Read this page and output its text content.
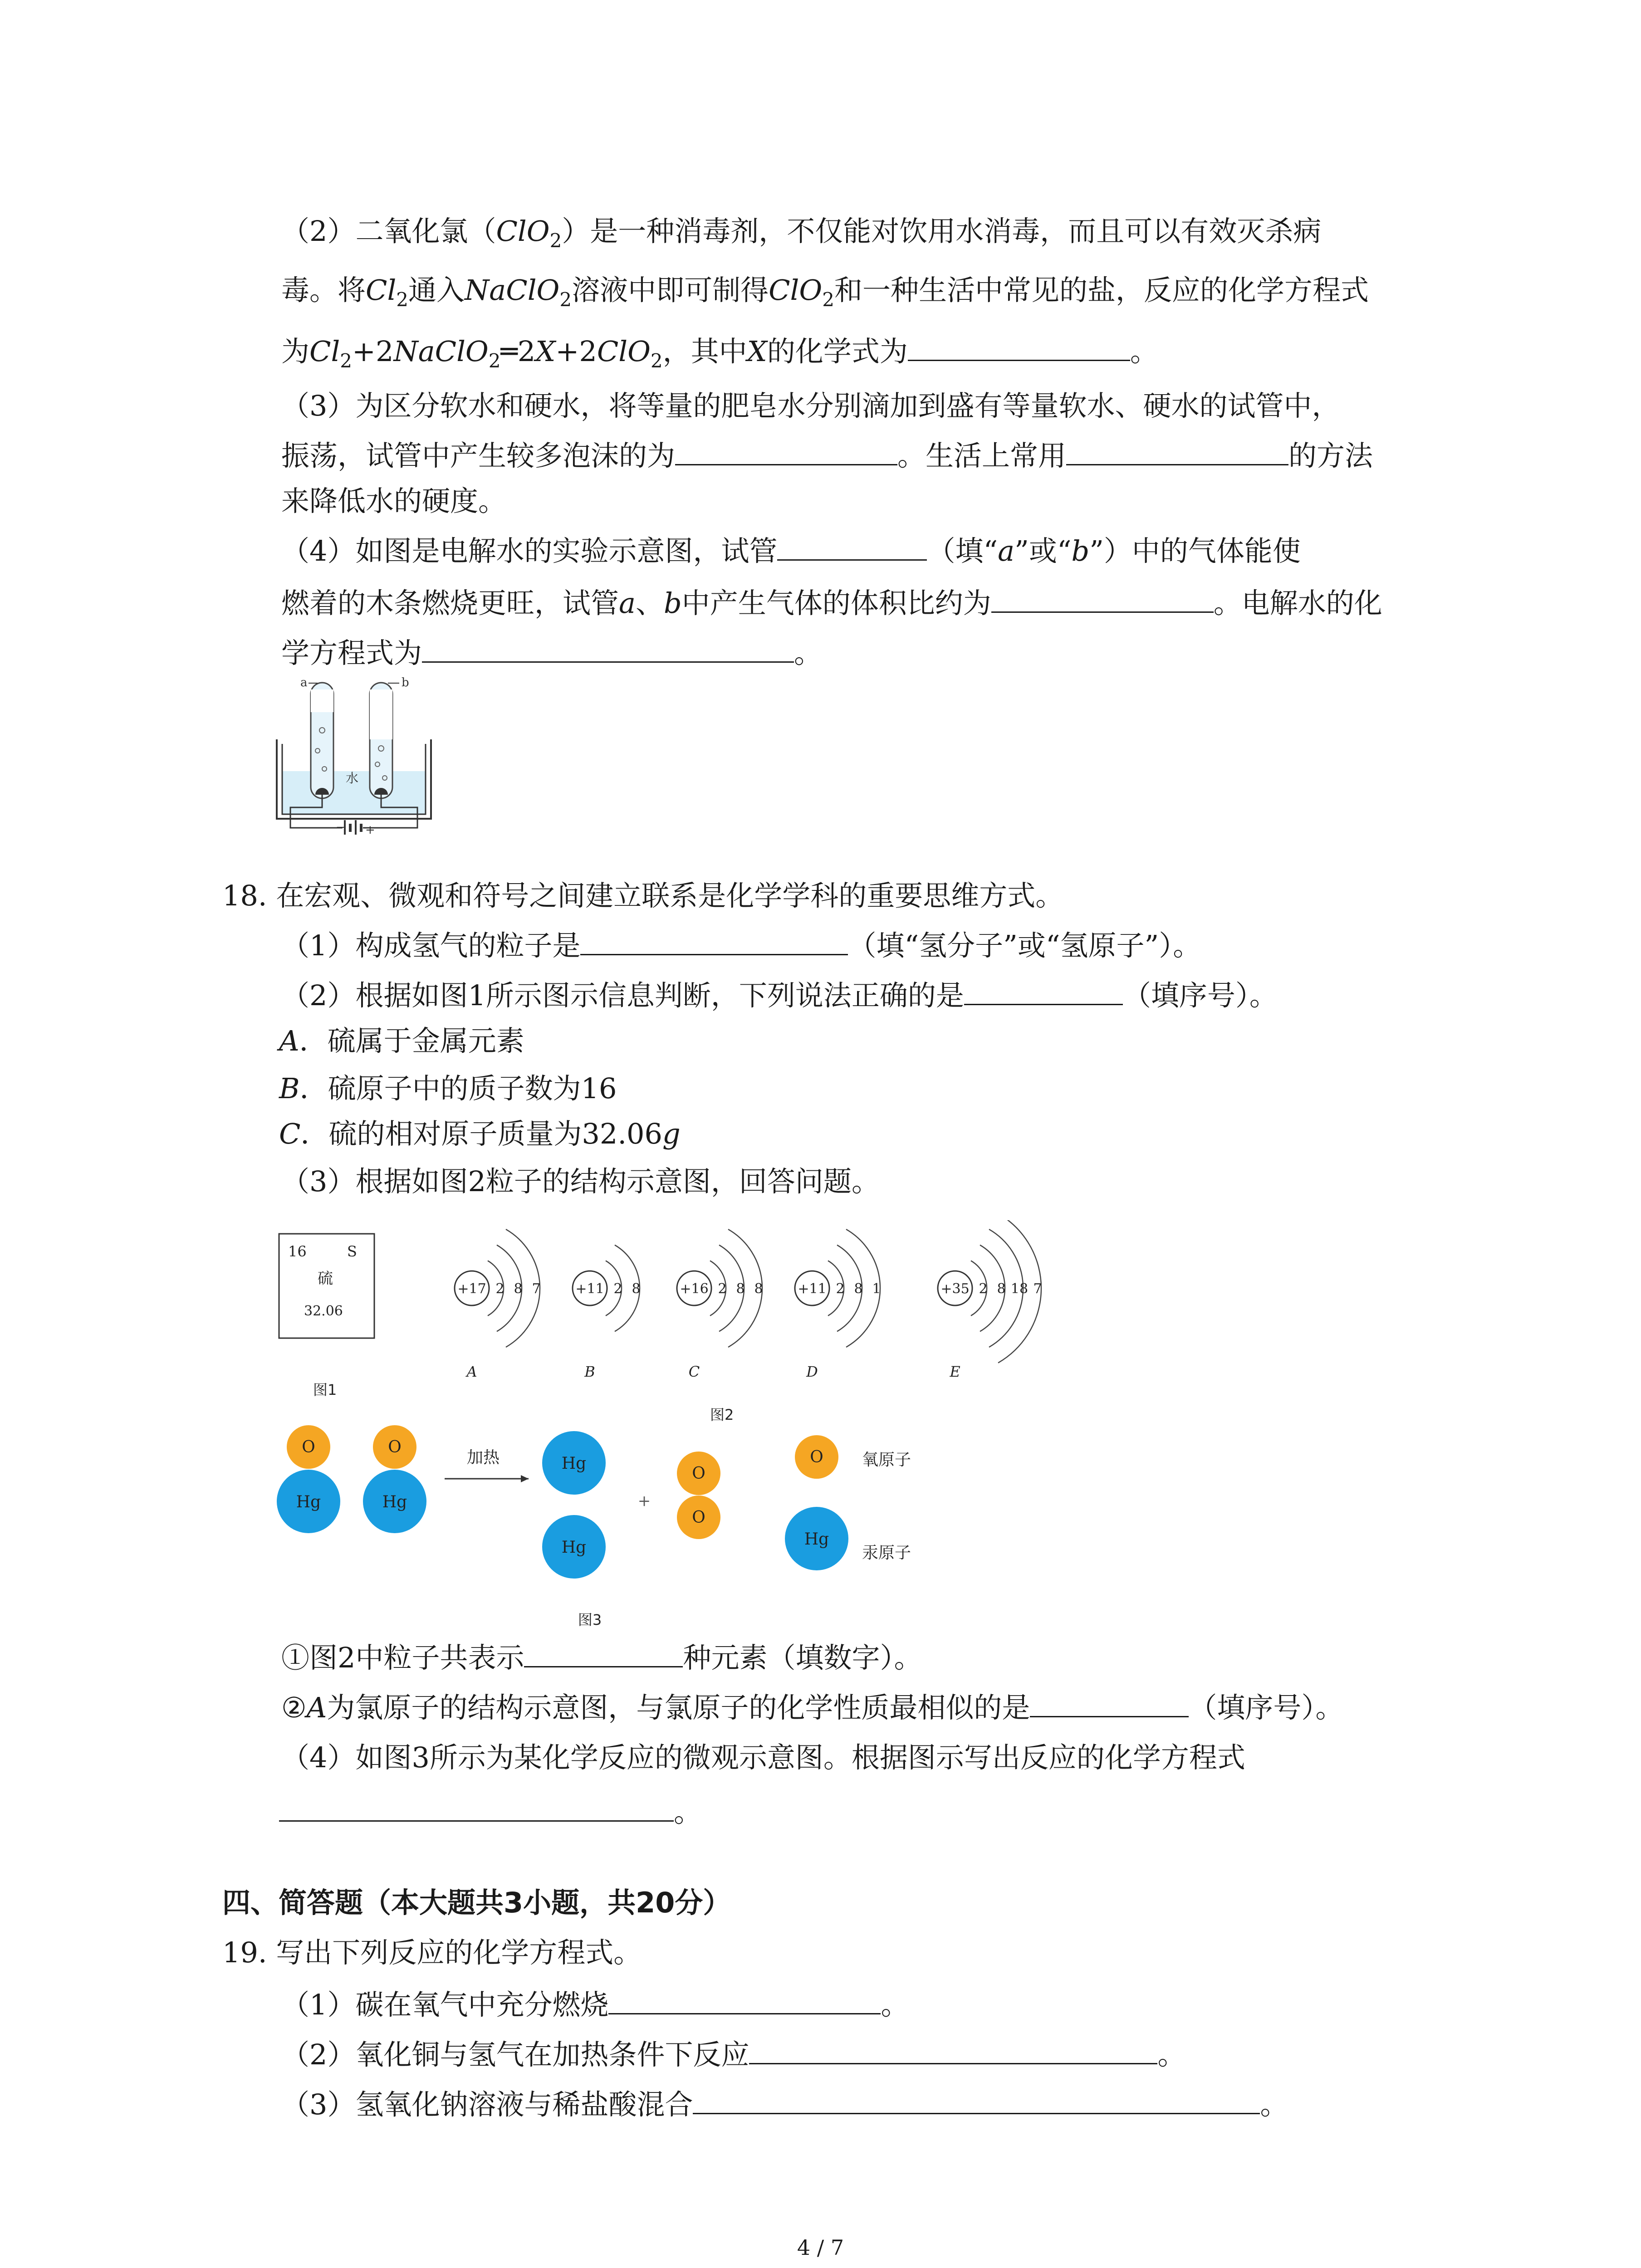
（2）二氧化氯（ClO$_2$）是一种消毒剂，不仅能对饮用水消毒，而且可以有效灭杀病
毒。将$Cl_2$通入NaClO$_2$溶液中即可制得ClO$_2$和一种生活中常见的盐，反应的化学方程式
为$Cl_2+2NaClO_2═2X+2ClO_2$，其中X的化学式为	。
（3）为区分软水和硬水，将等量的肥皂水分别滴加到盛有等量软水、硬水的试管中，
振荡，试管中产生较多泡沫的为	。生活上常用	的方法
来降低水的硬度。
（4）如图是电解水的实验示意图，试管	（填“a”或“b”）中的气体能使
燃着的木条燃烧更旺，试管a、b中产生气体的体积比约为	。电解水的化
学方程式为	。
a	b
水
− +
18. 在宏观、微观和符号之间建立联系是化学学科的重要思维方式。
（1）构成氢气的粒子是	（填“氢分子”或“氢原子”）。
（2）根据如图1所示图示信息判断，下列说法正确的是	（填序号）。
A．硫属于金属元素
B．硫原子中的质子数为16
C．硫的相对原子质量为32.06g
（3）根据如图2粒子的结构示意图，回答问题。
16	S
硫
32.06
图1
+17 2 8 7
A
+11 2 8
B
+16 2 8 8
C
+11 2 8 1
D
+35 2 8 18 7
E
图2
O
Hg
O
Hg
加热	Hg
Hg
+
O
O
O 氧原子
Hg
汞原子
图3
①图2中粒子共表示	种元素（填数字）。
②A为氯原子的结构示意图，与氯原子的化学性质最相似的是	（填序号）。
（4）如图3所示为某化学反应的微观示意图。根据图示写出反应的化学方程式
。
四、简答题（本大题共3小题，共20分）
19. 写出下列反应的化学方程式。
（1）碳在氧气中充分燃烧	。
（2）氧化铜与氢气在加热条件下反应	。
（3）氢氧化钠溶液与稀盐酸混合	。
4 / 7
